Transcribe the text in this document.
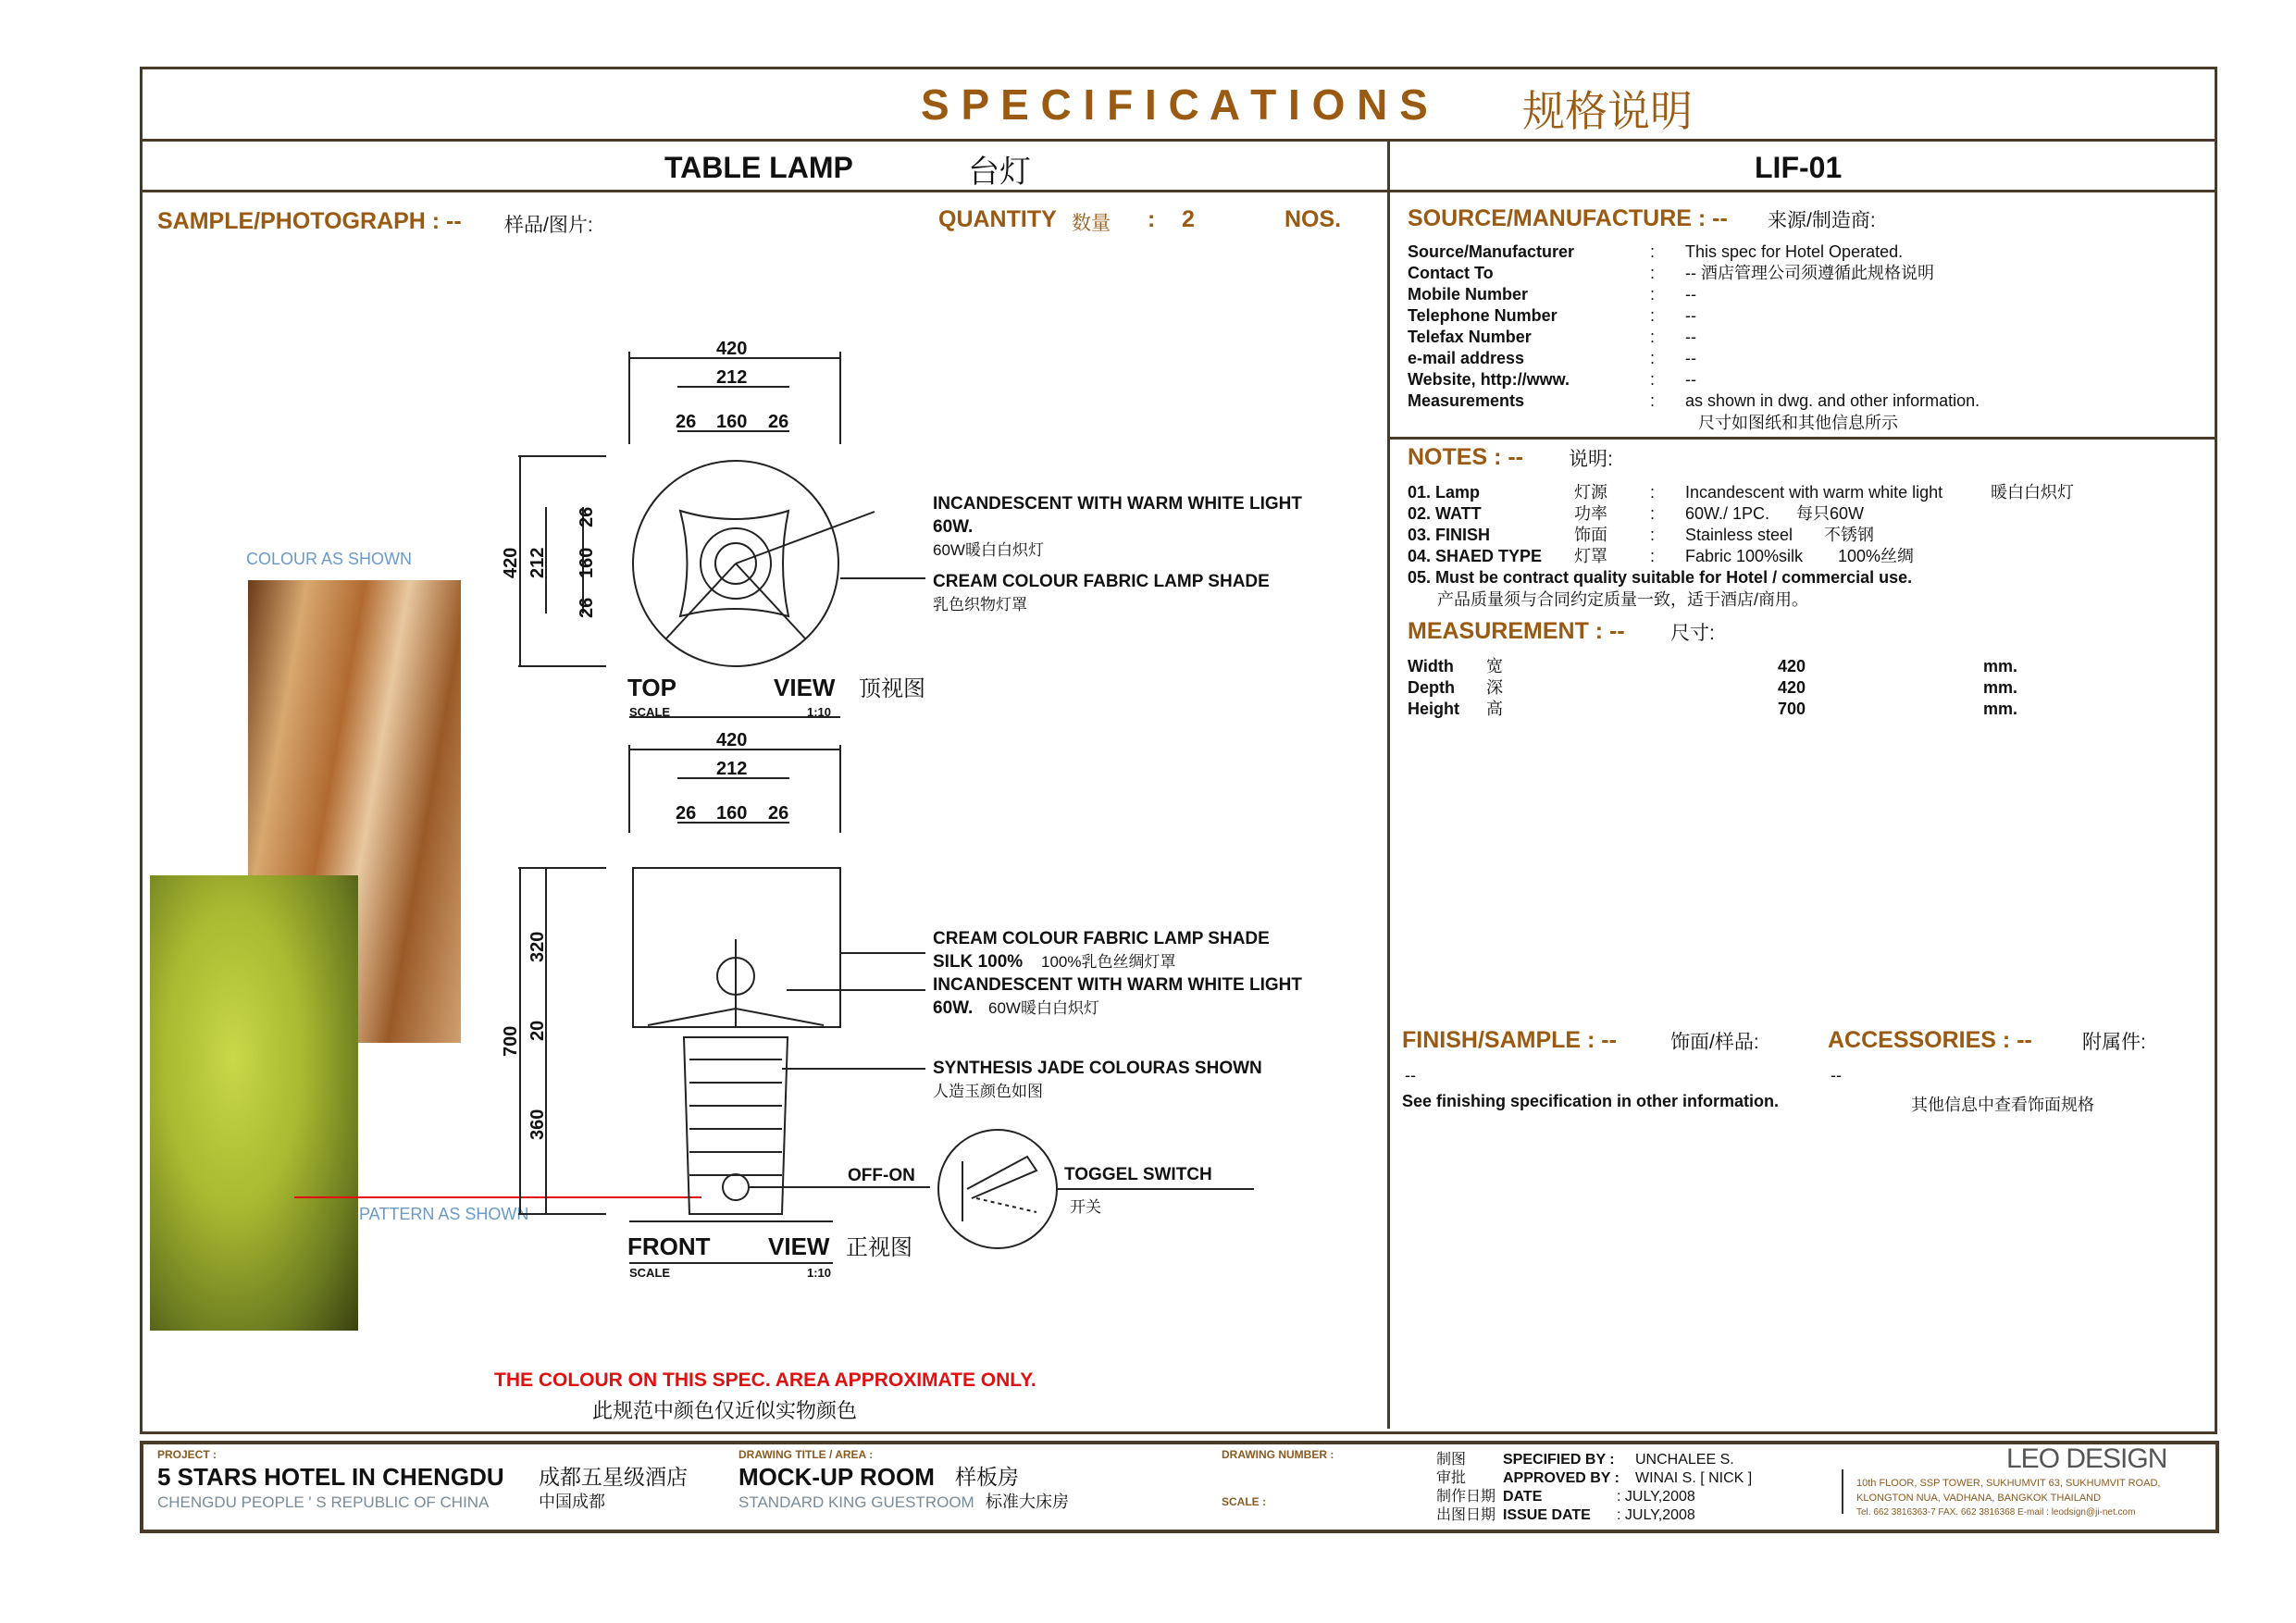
S P E C I F I C A T I O N S 规格说明
TABLE LAMP	台灯	LIF-01
SAMPLE/PHOTOGRAPH : -- 样品/图片:	QUANTITY 数量 : 2	NOS.
COLOUR AS SHOWN
PATTERN AS SHOWN
420
212
26 160 26
420
212
26 160 26
420 212
26
160
26
700
320
20
360
TOP	VIEW 顶视图
SCALE	1:10
FRONT VIEW 正视图
SCALE	1:10
INCANDESCENT WITH WARM WHITE LIGHT
60W.
60W暖白白炽灯
CREAM COLOUR FABRIC LAMP SHADE
乳色织物灯罩
CREAM COLOUR FABRIC LAMP SHADE
SILK 100% 100%乳色丝绸灯罩
INCANDESCENT WITH WARM WHITE LIGHT
60W. 60W暖白白炽灯
SYNTHESIS JADE COLOURAS SHOWN
人造玉颜色如图
OFF-ON	TOGGEL SWITCH
开关
THE COLOUR ON THIS SPEC. AREA APPROXIMATE ONLY.
此规范中颜色仅近似实物颜色
SOURCE/MANUFACTURE : -- 来源/制造商:
Source/Manufacturer	: This spec for Hotel Operated.
Contact To	: -- 酒店管理公司须遵循此规格说明
Mobile Number	: --
Telephone Number	: --
Telefax Number	: --
e-mail address	: --
Website, http://www.	: --
Measurements	: as shown in dwg. and other information.
尺寸如图纸和其他信息所示
NOTES : -- 说明:
01. Lamp	灯源	: Incandescent with warm white light	暖白白炽灯
02. WATT	功率	: 60W./ 1PC. 每只60W
03. FINISH	饰面	: Stainless steel 不锈钢
04. SHAED TYPE 灯罩	: Fabric 100%silk 100%丝绸
05. Must be contract quality suitable for Hotel / commercial use.
产品质量须与合同约定质量一致，适于酒店/商用。
MEASUREMENT : -- 尺寸:
Width 宽	420	mm.
Depth 深	420	mm.
Height 高	700	mm.
FINISH/SAMPLE : --	饰面/样品:
--
See finishing specification in other information.	其他信息中查看饰面规格
ACCESSORIES : --	附属件:
--
PROJECT :
5 STARS HOTEL IN CHENGDU 成都五星级酒店
CHENGDU PEOPLE ' S REPUBLIC OF CHINA	中国成都
DRAWING TITLE / AREA :
MOCK-UP ROOM 样板房
STANDARD KING GUESTROOM 标准大床房
DRAWING NUMBER :
SCALE :
制图 SPECIFIED BY : UNCHALEE S.
审批 APPROVED BY : WINAI S. [ NICK ]
制作日期 DATE	: JULY,2008
出图日期 ISSUE DATE : JULY,2008
LEO DESIGN
10th FLOOR, SSP TOWER, SUKHUMVIT 63, SUKHUMVIT ROAD,
KLONGTON NUA, VADHANA, BANGKOK THAILAND
Tel. 662 3816363-7 FAX. 662 3816368 E-mail : leodsign@ji-net.com
